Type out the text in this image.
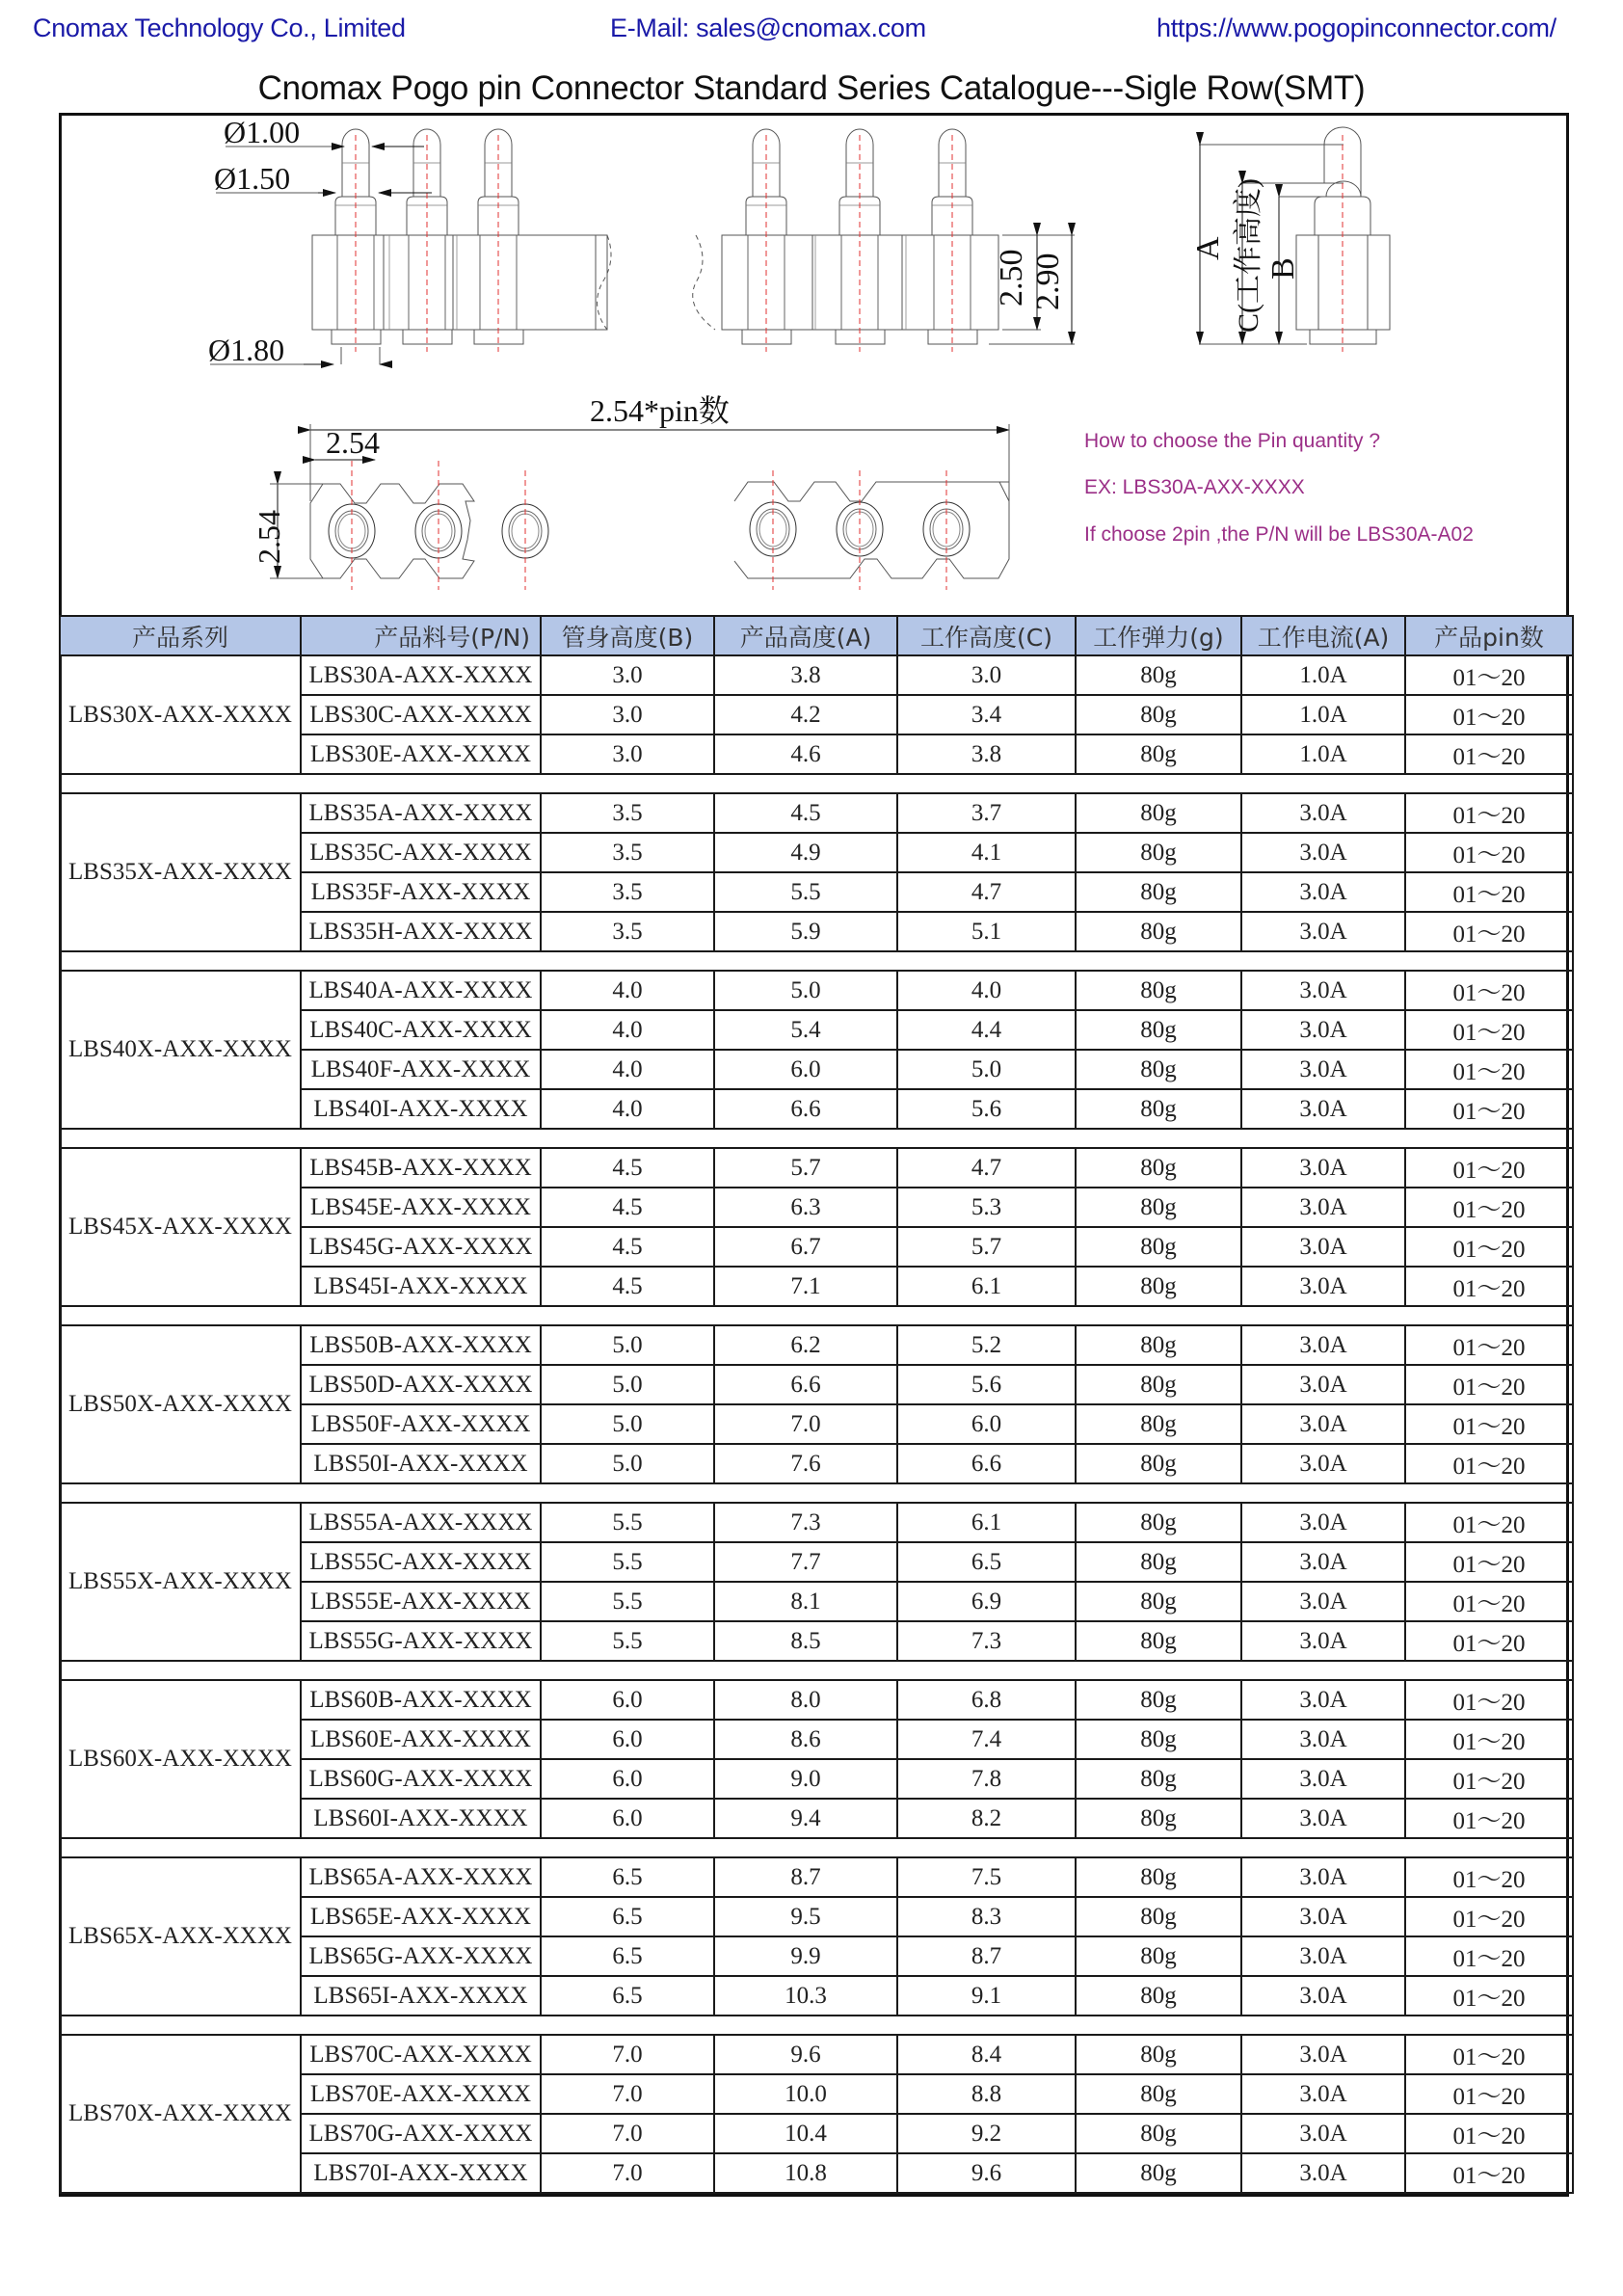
Cnomax Technology Co., Limited	E-Mail: sales@cnomax.com	https://www.pogopinconnector.com/
Cnomax Pogo pin Connector Standard Series Catalogue---Sigle Row(SMT)
2.50 2.90
Ø1.00
Ø1.50
Ø1.80
A C(工作高度) B
2.54*pin数
2.54
2.54
How to choose the Pin quantity ?
EX: LBS30A-AXX-XXXX
If choose 2pin ,the P/N will be LBS30A-A02
产品系列	产品料号(P/N)	管身高度(B)	产品高度(A)	工作高度(C)	工作弹力(g)	工作电流(A)	产品pin数
LBS30X-AXX-XXXX	LBS30A-AXX-XXXX	3.0	3.8	3.0	80g	1.0A	01～20
	LBS30C-AXX-XXXX	3.0	4.2	3.4	80g	1.0A	01～20
	LBS30E-AXX-XXXX	3.0	4.6	3.8	80g	1.0A	01～20

LBS35X-AXX-XXXX	LBS35A-AXX-XXXX	3.5	4.5	3.7	80g	3.0A	01～20
	LBS35C-AXX-XXXX	3.5	4.9	4.1	80g	3.0A	01～20
	LBS35F-AXX-XXXX	3.5	5.5	4.7	80g	3.0A	01～20
	LBS35H-AXX-XXXX	3.5	5.9	5.1	80g	3.0A	01～20

LBS40X-AXX-XXXX	LBS40A-AXX-XXXX	4.0	5.0	4.0	80g	3.0A	01～20
	LBS40C-AXX-XXXX	4.0	5.4	4.4	80g	3.0A	01～20
	LBS40F-AXX-XXXX	4.0	6.0	5.0	80g	3.0A	01～20
	LBS40I-AXX-XXXX	4.0	6.6	5.6	80g	3.0A	01～20

LBS45X-AXX-XXXX	LBS45B-AXX-XXXX	4.5	5.7	4.7	80g	3.0A	01～20
	LBS45E-AXX-XXXX	4.5	6.3	5.3	80g	3.0A	01～20
	LBS45G-AXX-XXXX	4.5	6.7	5.7	80g	3.0A	01～20
	LBS45I-AXX-XXXX	4.5	7.1	6.1	80g	3.0A	01～20

LBS50X-AXX-XXXX	LBS50B-AXX-XXXX	5.0	6.2	5.2	80g	3.0A	01～20
	LBS50D-AXX-XXXX	5.0	6.6	5.6	80g	3.0A	01～20
	LBS50F-AXX-XXXX	5.0	7.0	6.0	80g	3.0A	01～20
	LBS50I-AXX-XXXX	5.0	7.6	6.6	80g	3.0A	01～20

LBS55X-AXX-XXXX	LBS55A-AXX-XXXX	5.5	7.3	6.1	80g	3.0A	01～20
	LBS55C-AXX-XXXX	5.5	7.7	6.5	80g	3.0A	01～20
	LBS55E-AXX-XXXX	5.5	8.1	6.9	80g	3.0A	01～20
	LBS55G-AXX-XXXX	5.5	8.5	7.3	80g	3.0A	01～20

LBS60X-AXX-XXXX	LBS60B-AXX-XXXX	6.0	8.0	6.8	80g	3.0A	01～20
	LBS60E-AXX-XXXX	6.0	8.6	7.4	80g	3.0A	01～20
	LBS60G-AXX-XXXX	6.0	9.0	7.8	80g	3.0A	01～20
	LBS60I-AXX-XXXX	6.0	9.4	8.2	80g	3.0A	01～20

LBS65X-AXX-XXXX	LBS65A-AXX-XXXX	6.5	8.7	7.5	80g	3.0A	01～20
	LBS65E-AXX-XXXX	6.5	9.5	8.3	80g	3.0A	01～20
	LBS65G-AXX-XXXX	6.5	9.9	8.7	80g	3.0A	01～20
	LBS65I-AXX-XXXX	6.5	10.3	9.1	80g	3.0A	01～20

LBS70X-AXX-XXXX	LBS70C-AXX-XXXX	7.0	9.6	8.4	80g	3.0A	01～20
	LBS70E-AXX-XXXX	7.0	10.0	8.8	80g	3.0A	01～20
	LBS70G-AXX-XXXX	7.0	10.4	9.2	80g	3.0A	01～20
	LBS70I-AXX-XXXX	7.0	10.8	9.6	80g	3.0A	01～20
